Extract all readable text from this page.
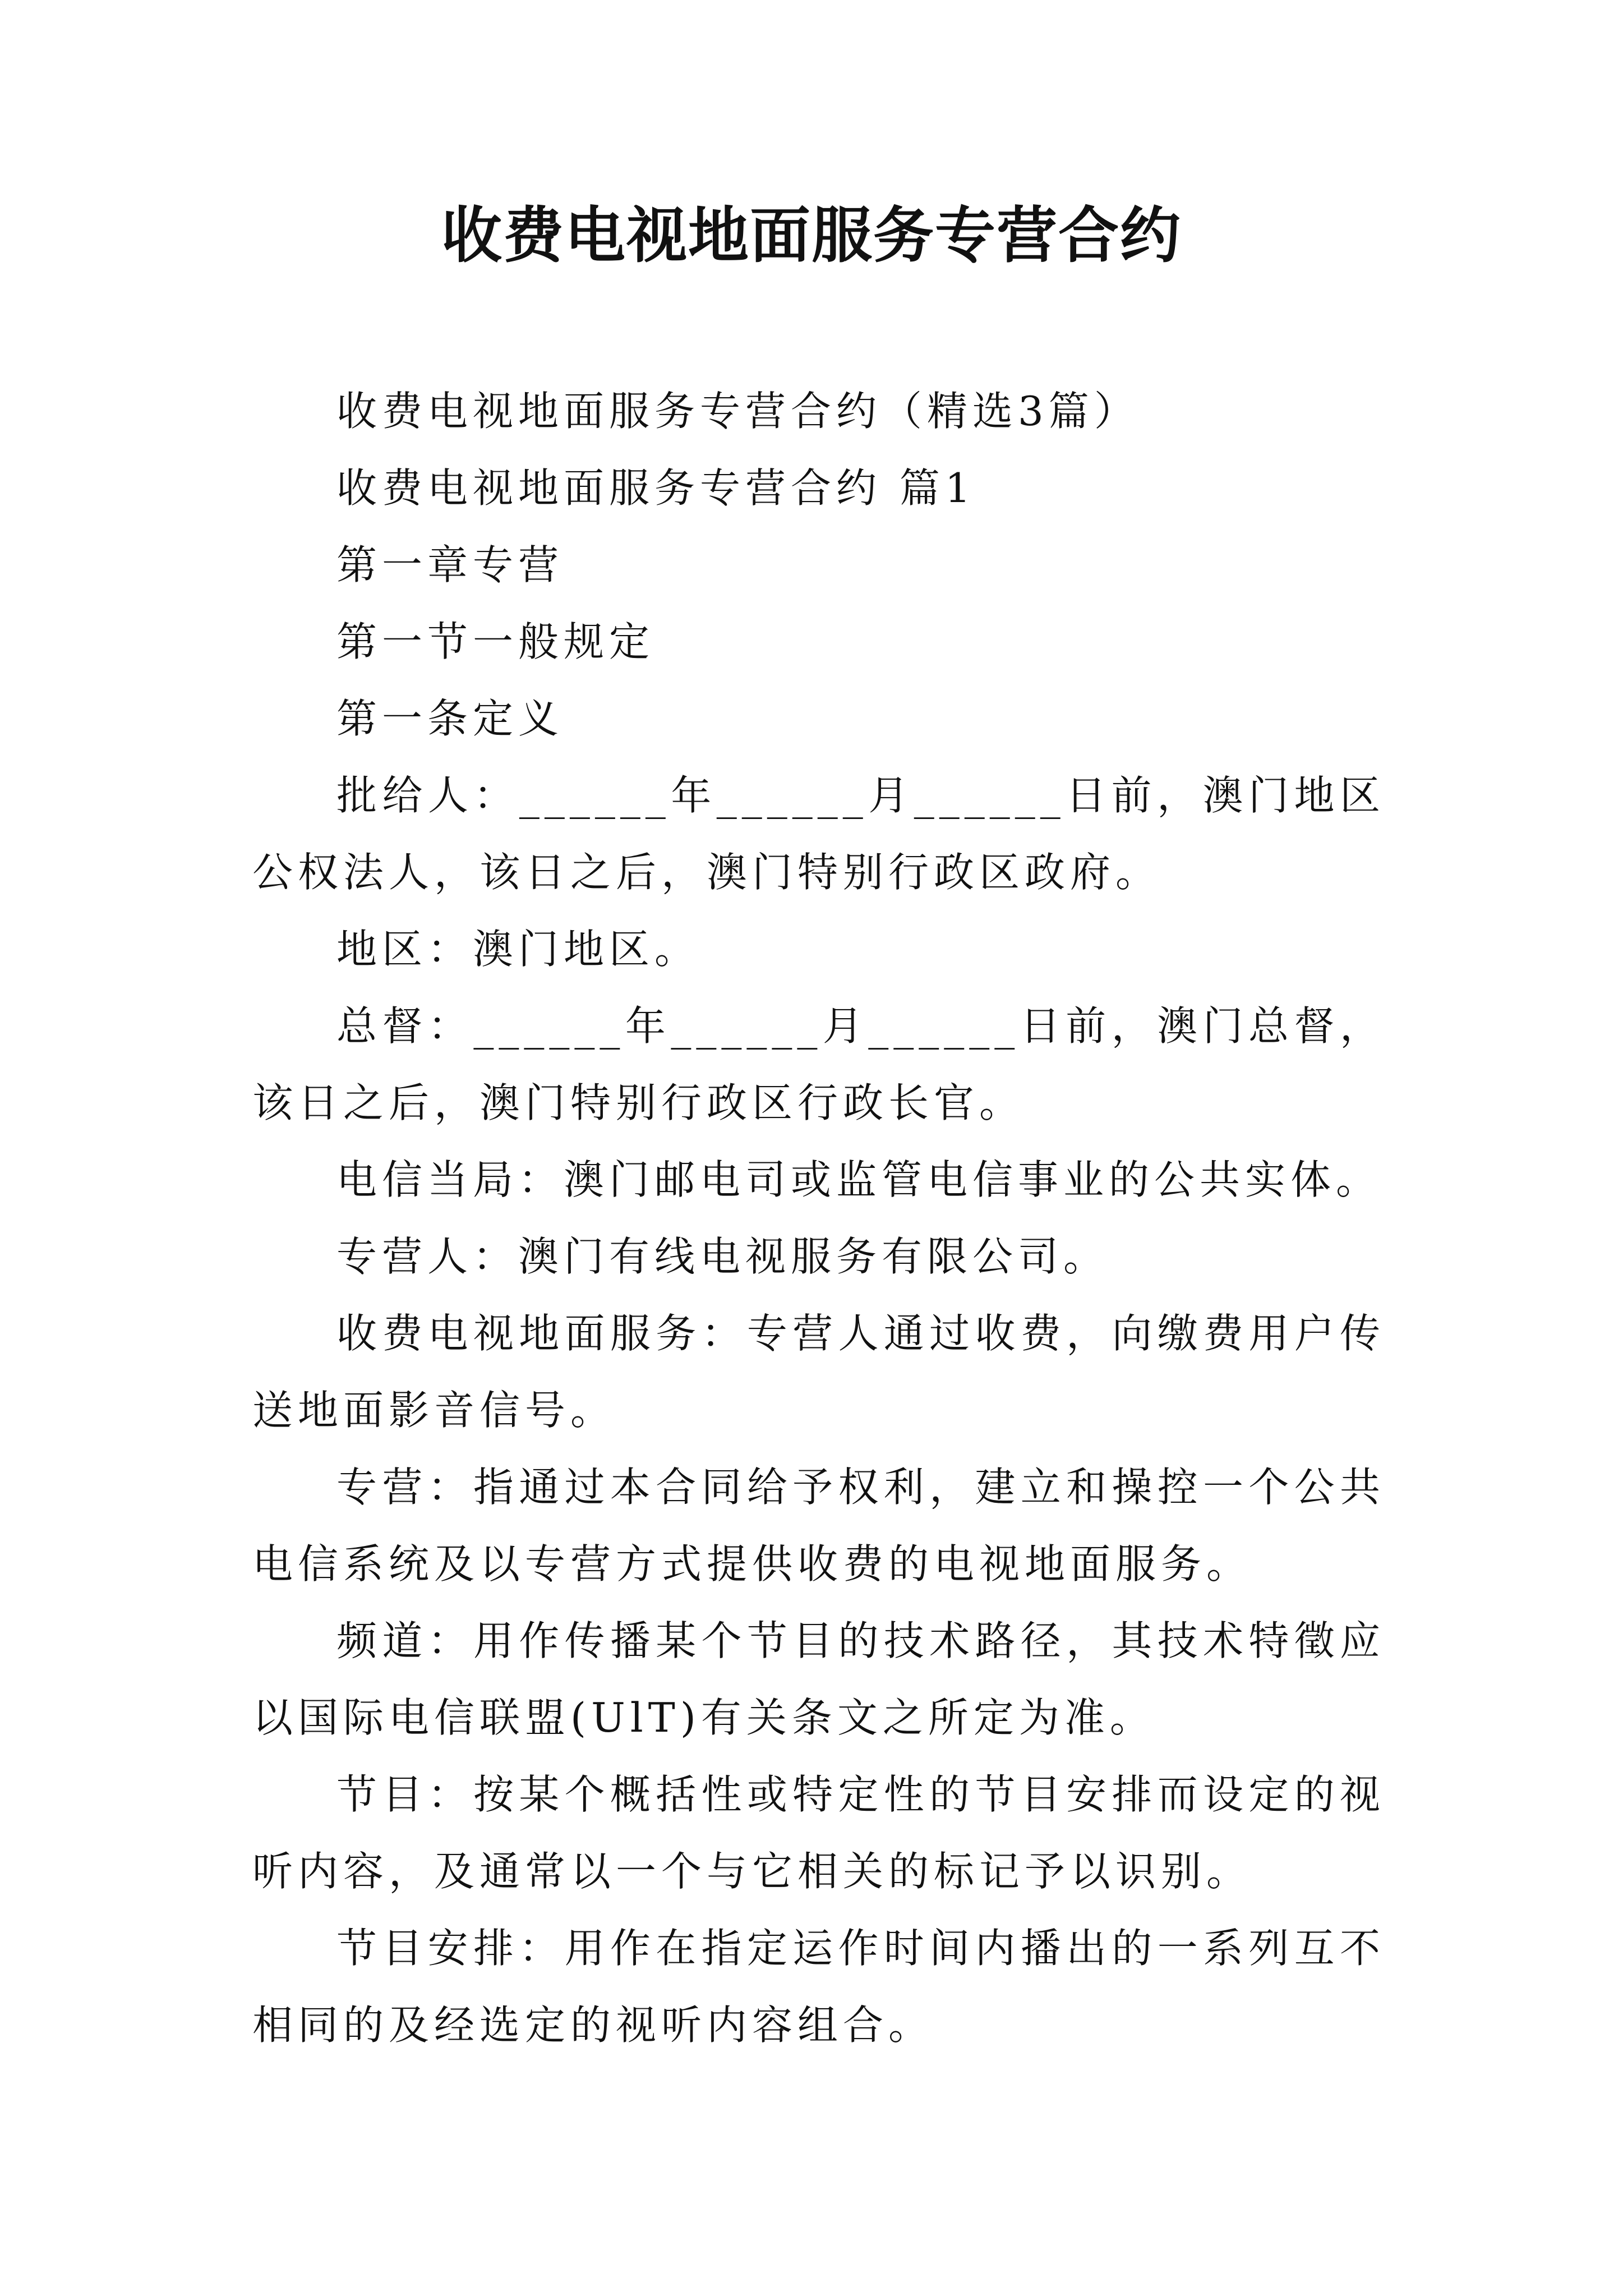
收费电视地面服务专营合约

收费电视地面服务专营合约（精选3篇）

收费电视地面服务专营合约 篇1

第一章专营

第一节一般规定

第一条定义

批给人：______年______月______日前，澳门地区公权法人，该日之后，澳门特别行政区政府。

地区：澳门地区。

总督：______年______月______日前，澳门总督，该日之后，澳门特别行政区行政长官。

电信当局：澳门邮电司或监管电信事业的公共实体。

专营人：澳门有线电视服务有限公司。

收费电视地面服务：专营人通过收费，向缴费用户传送地面影音信号。

专营：指通过本合同给予权利，建立和操控一个公共电信系统及以专营方式提供收费的电视地面服务。

频道：用作传播某个节目的技术路径，其技术特徵应以国际电信联盟(UlT)有关条文之所定为准。

节目：按某个概括性或特定性的节目安排而设定的视听内容，及通常以一个与它相关的标记予以识别。

节目安排：用作在指定运作时间内播出的一系列互不相同的及经选定的视听内容组合。
